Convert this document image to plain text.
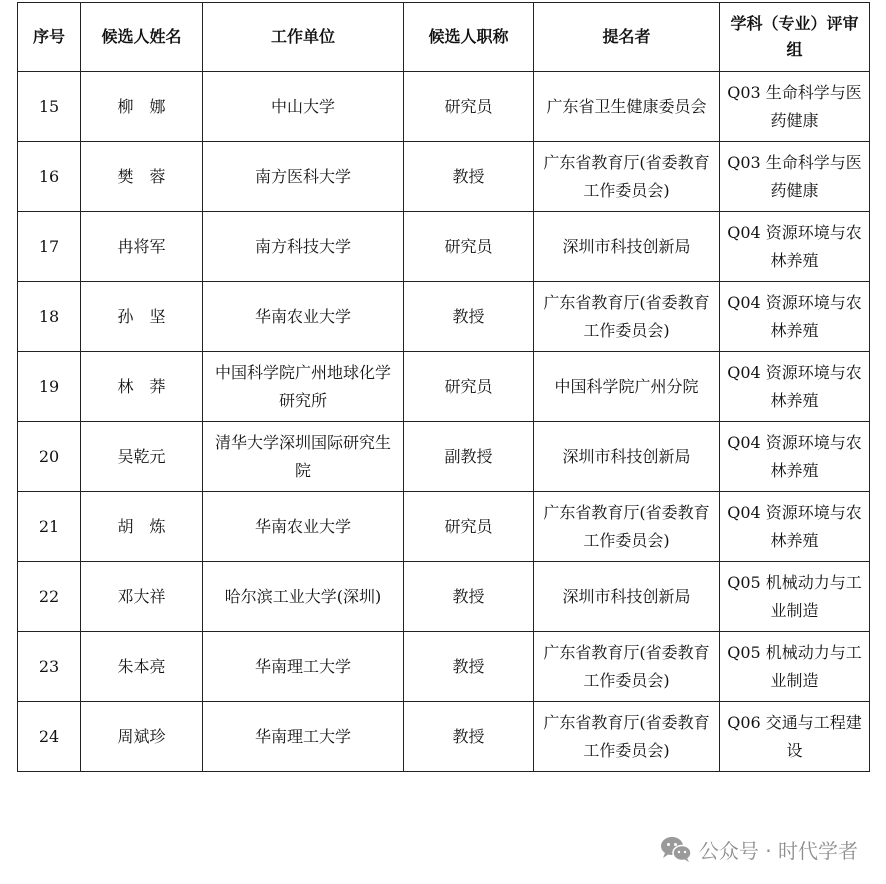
序号	候选人姓名	工作单位	候选人职称	提名者	学科（专业）评审组
15	柳　娜	中山大学	研究员	广东省卫生健康委员会	Q03 生命科学与医药健康
16	樊　蓉	南方医科大学	教授	广东省教育厅(省委教育工作委员会)	Q03 生命科学与医药健康
17	冉将军	南方科技大学	研究员	深圳市科技创新局	Q04 资源环境与农林养殖
18	孙　坚	华南农业大学	教授	广东省教育厅(省委教育工作委员会)	Q04 资源环境与农林养殖
19	林　莽	中国科学院广州地球化学研究所	研究员	中国科学院广州分院	Q04 资源环境与农林养殖
20	吴乾元	清华大学深圳国际研究生院	副教授	深圳市科技创新局	Q04 资源环境与农林养殖
21	胡　炼	华南农业大学	研究员	广东省教育厅(省委教育工作委员会)	Q04 资源环境与农林养殖
22	邓大祥	哈尔滨工业大学(深圳)	教授	深圳市科技创新局	Q05 机械动力与工业制造
23	朱本亮	华南理工大学	教授	广东省教育厅(省委教育工作委员会)	Q05 机械动力与工业制造
24	周斌珍	华南理工大学	教授	广东省教育厅(省委教育工作委员会)	Q06 交通与工程建设
公众号 · 时代学者
